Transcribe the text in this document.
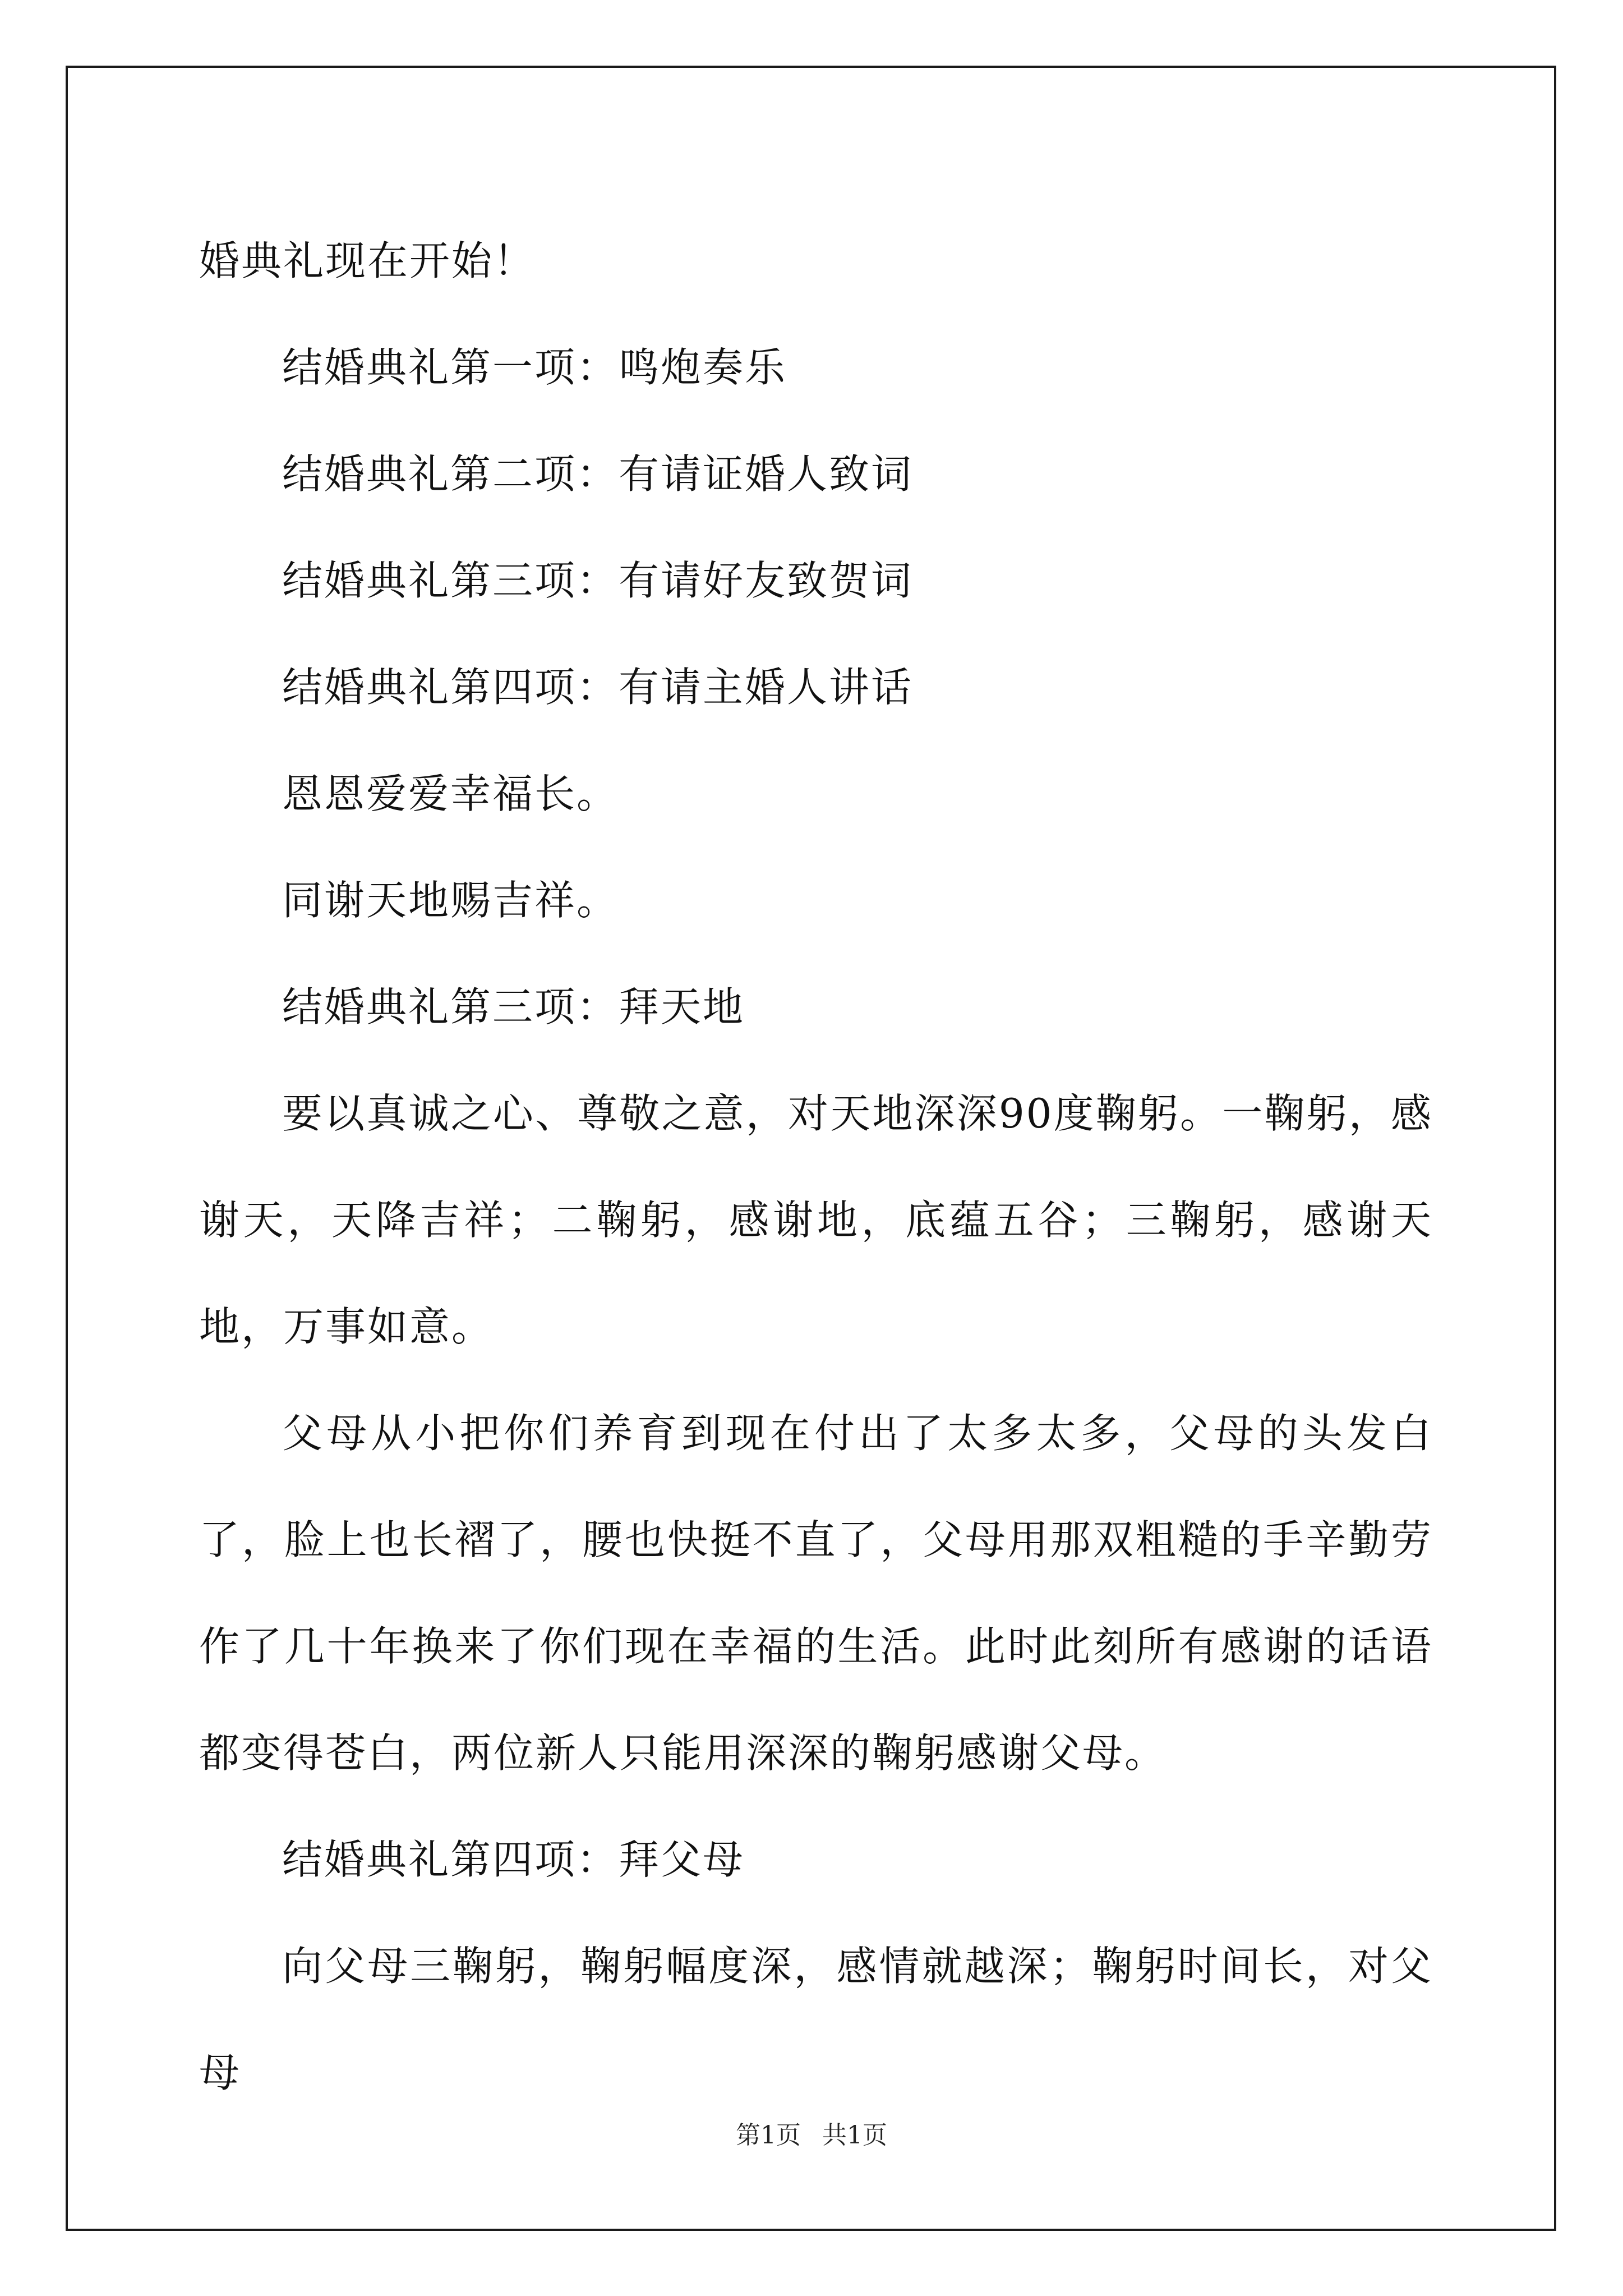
婚典礼现在开始！

结婚典礼第一项：鸣炮奏乐

结婚典礼第二项：有请证婚人致词

结婚典礼第三项：有请好友致贺词

结婚典礼第四项：有请主婚人讲话

恩恩爱爱幸福长。

同谢天地赐吉祥。

结婚典礼第三项：拜天地

要以真诚之心、尊敬之意，对天地深深90度鞠躬。一鞠躬，感谢天，天降吉祥；二鞠躬，感谢地，底蕴五谷；三鞠躬，感谢天地，万事如意。

父母从小把你们养育到现在付出了太多太多，父母的头发白了，脸上也长褶了，腰也快挺不直了，父母用那双粗糙的手辛勤劳作了几十年换来了你们现在幸福的生活。此时此刻所有感谢的话语都变得苍白，两位新人只能用深深的鞠躬感谢父母。

结婚典礼第四项：拜父母

向父母三鞠躬，鞠躬幅度深，感情就越深；鞠躬时间长，对父母

第1页 共1页
